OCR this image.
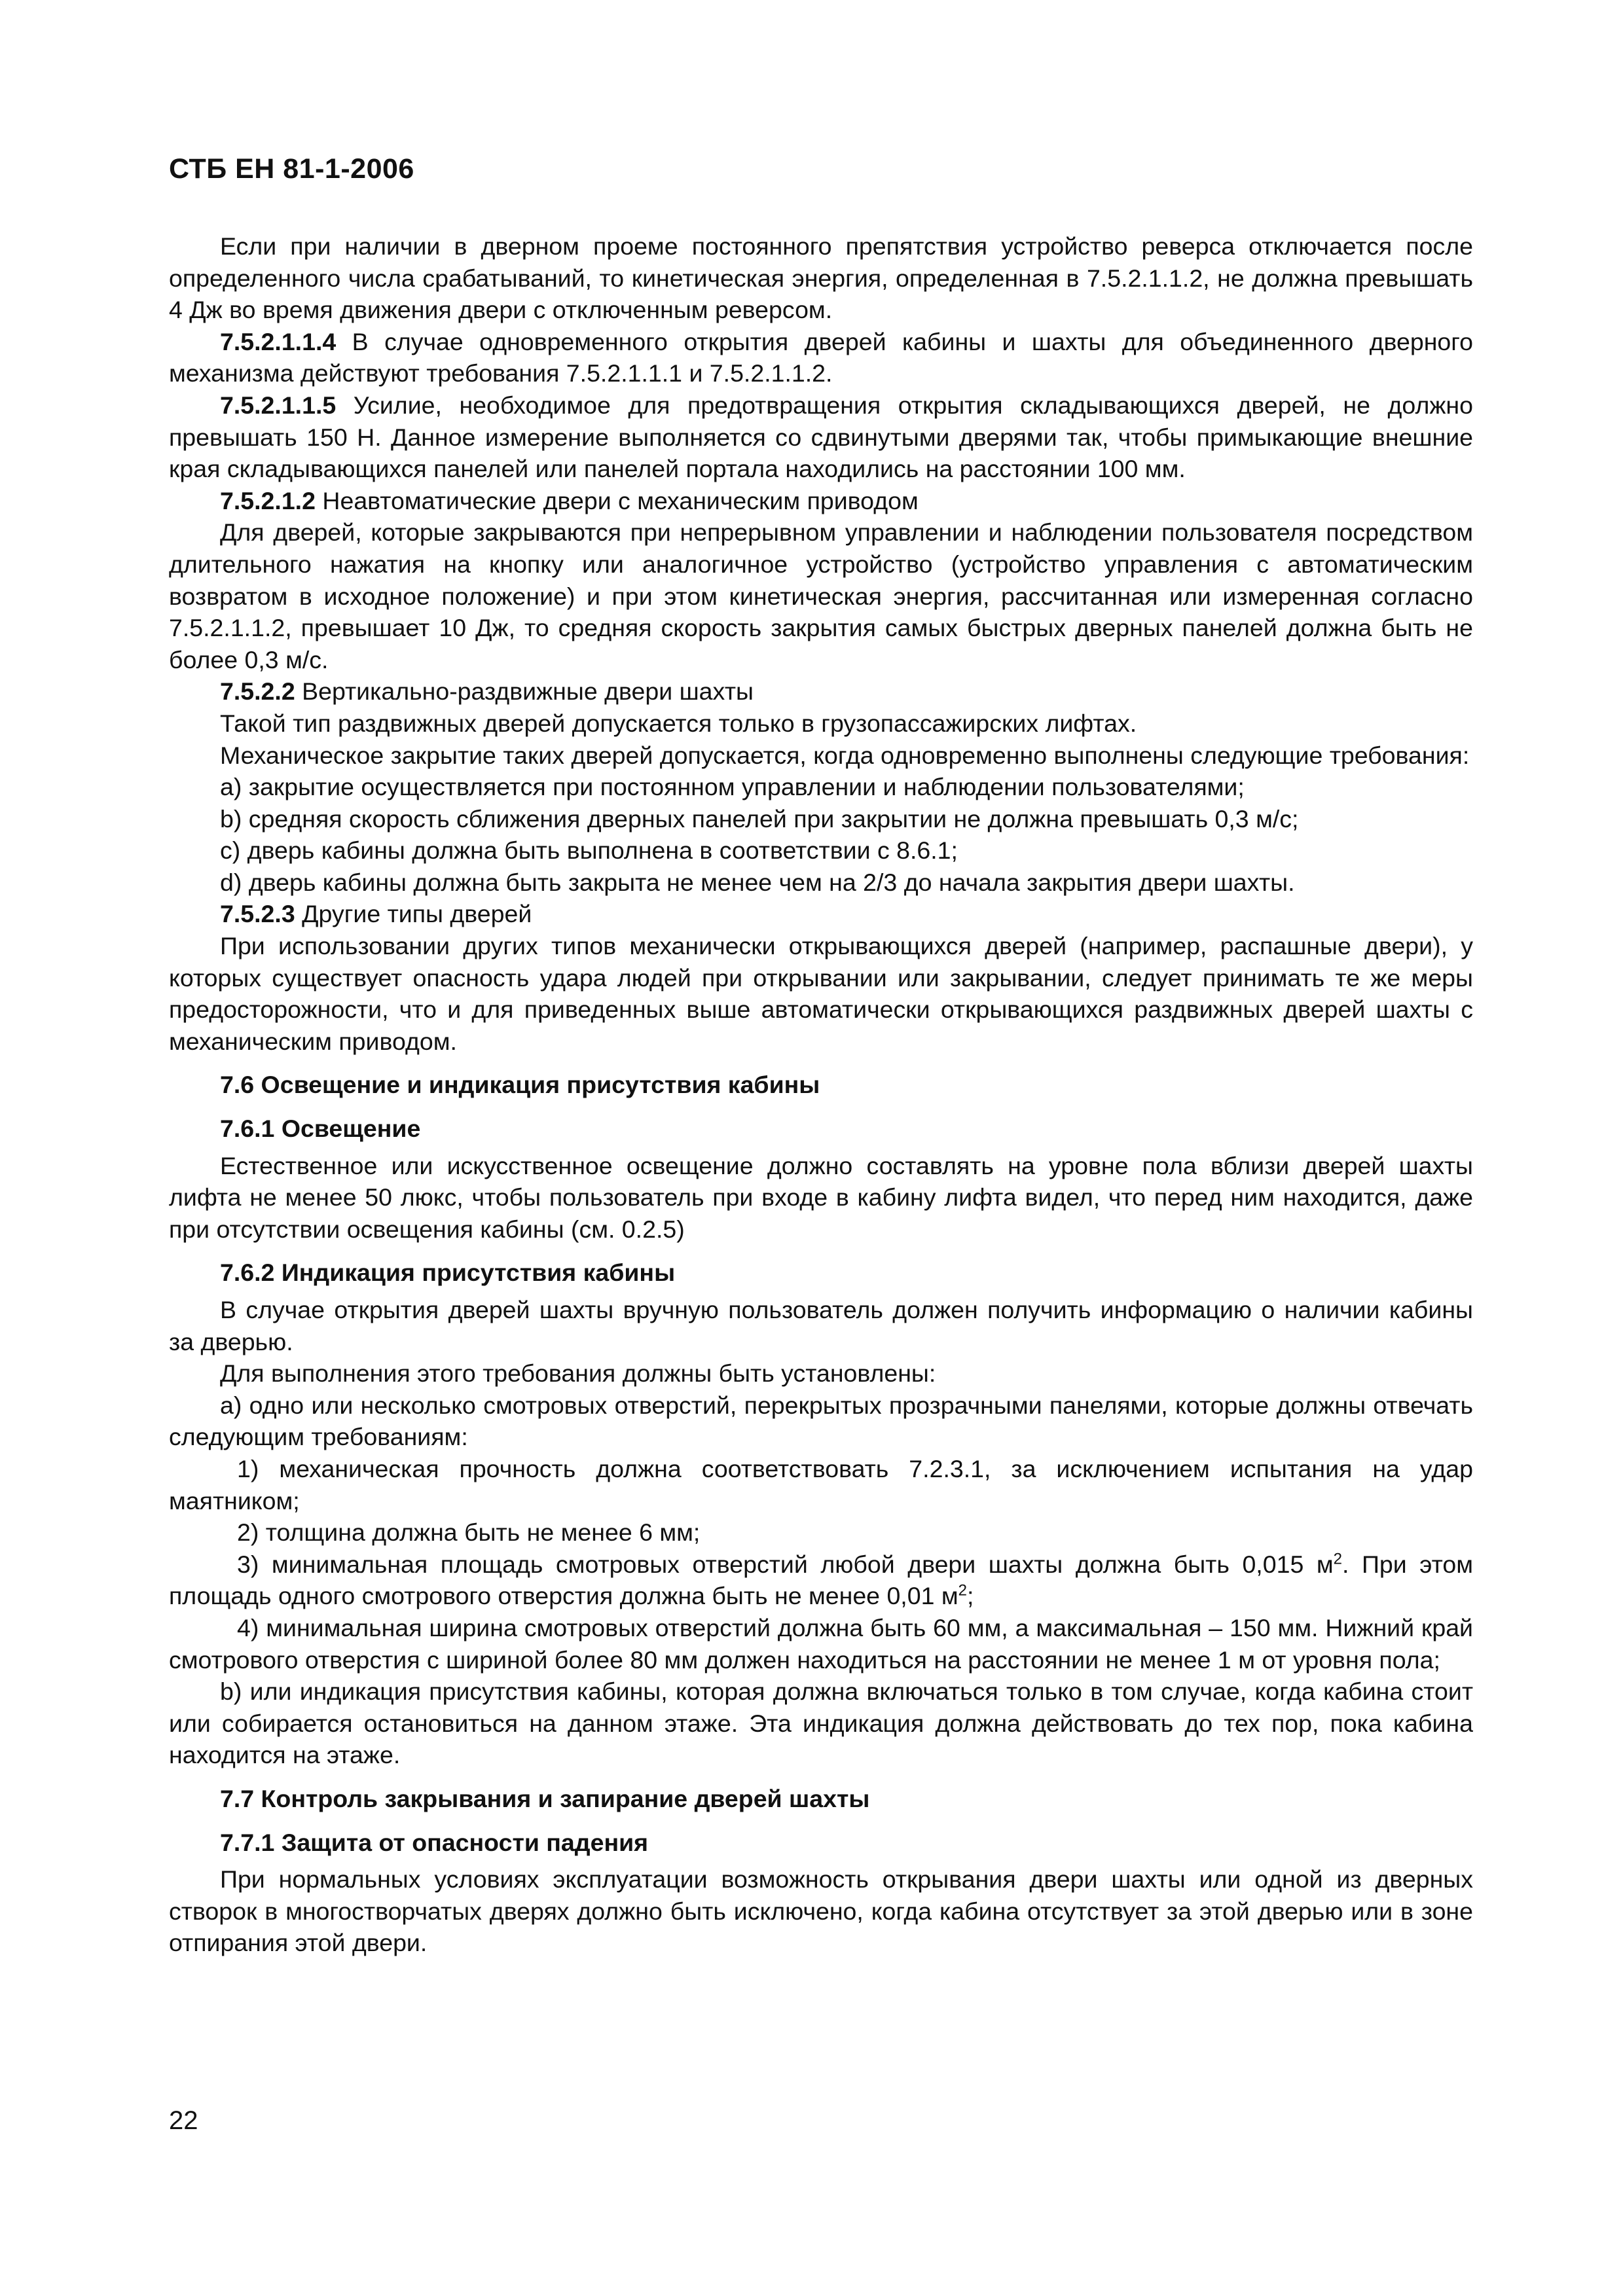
СТБ ЕН 81-1-2006

Если при наличии в дверном проеме постоянного препятствия устройство реверса отключается после определенного числа срабатываний, то кинетическая энергия, определенная в 7.5.2.1.1.2, не должна превышать 4 Дж во время движения двери с отключенным реверсом.

7.5.2.1.1.4 В случае одновременного открытия дверей кабины и шахты для объединенного дверного механизма действуют требования 7.5.2.1.1.1 и 7.5.2.1.1.2.

7.5.2.1.1.5 Усилие, необходимое для предотвращения открытия складывающихся дверей, не должно превышать 150 Н. Данное измерение выполняется со сдвинутыми дверями так, чтобы примыкающие внешние края складывающихся панелей или панелей портала находились на расстоянии 100 мм.

7.5.2.1.2 Неавтоматические двери с механическим приводом

Для дверей, которые закрываются при непрерывном управлении и наблюдении пользователя посредством длительного нажатия на кнопку или аналогичное устройство (устройство управления с автоматическим возвратом в исходное положение) и при этом кинетическая энергия, рассчитанная или измеренная согласно 7.5.2.1.1.2, превышает 10 Дж, то средняя скорость закрытия самых быстрых дверных панелей должна быть не более 0,3 м/с.

7.5.2.2 Вертикально-раздвижные двери шахты

Такой тип раздвижных дверей допускается только в грузопассажирских лифтах.

Механическое закрытие таких дверей допускается, когда одновременно выполнены следующие требования:

а) закрытие осуществляется при постоянном управлении и наблюдении пользователями;

b) средняя скорость сближения дверных панелей при закрытии не должна превышать 0,3 м/с;

с) дверь кабины должна быть выполнена в соответствии с 8.6.1;

d) дверь кабины должна быть закрыта не менее чем на 2/3 до начала закрытия двери шахты.

7.5.2.3 Другие типы дверей

При использовании других типов механически открывающихся дверей (например, распашные двери), у которых существует опасность удара людей при открывании или закрывании, следует принимать те же меры предосторожности, что и для приведенных выше автоматически открывающихся раздвижных дверей шахты с механическим приводом.

7.6 Освещение и индикация присутствия кабины

7.6.1 Освещение

Естественное или искусственное освещение должно составлять на уровне пола вблизи дверей шахты лифта не менее 50 люкс, чтобы пользователь при входе в кабину лифта видел, что перед ним находится, даже при отсутствии освещения кабины (см. 0.2.5)

7.6.2 Индикация присутствия кабины

В случае открытия дверей шахты вручную пользователь должен получить информацию о наличии кабины за дверью.

Для выполнения этого требования должны быть установлены:

а) одно или несколько смотровых отверстий, перекрытых прозрачными панелями, которые должны отвечать следующим требованиям:

1) механическая прочность должна соответствовать 7.2.3.1, за исключением испытания на удар маятником;

2) толщина должна быть не менее 6 мм;

3) минимальная площадь смотровых отверстий любой двери шахты должна быть 0,015 $м^2$. При этом площадь одного смотрового отверстия должна быть не менее 0,01 $м^2$;

4) минимальная ширина смотровых отверстий должна быть 60 мм, а максимальная – 150 мм. Нижний край смотрового отверстия с шириной более 80 мм должен находиться на расстоянии не менее 1 м от уровня пола;

b) или индикация присутствия кабины, которая должна включаться только в том случае, когда кабина стоит или собирается остановиться на данном этаже. Эта индикация должна действовать до тех пор, пока кабина находится на этаже.

7.7 Контроль закрывания и запирание дверей шахты

7.7.1 Защита от опасности падения

При нормальных условиях эксплуатации возможность открывания двери шахты или одной из дверных створок в многостворчатых дверях должно быть исключено, когда кабина отсутствует за этой дверью или в зоне отпирания этой двери.

22
